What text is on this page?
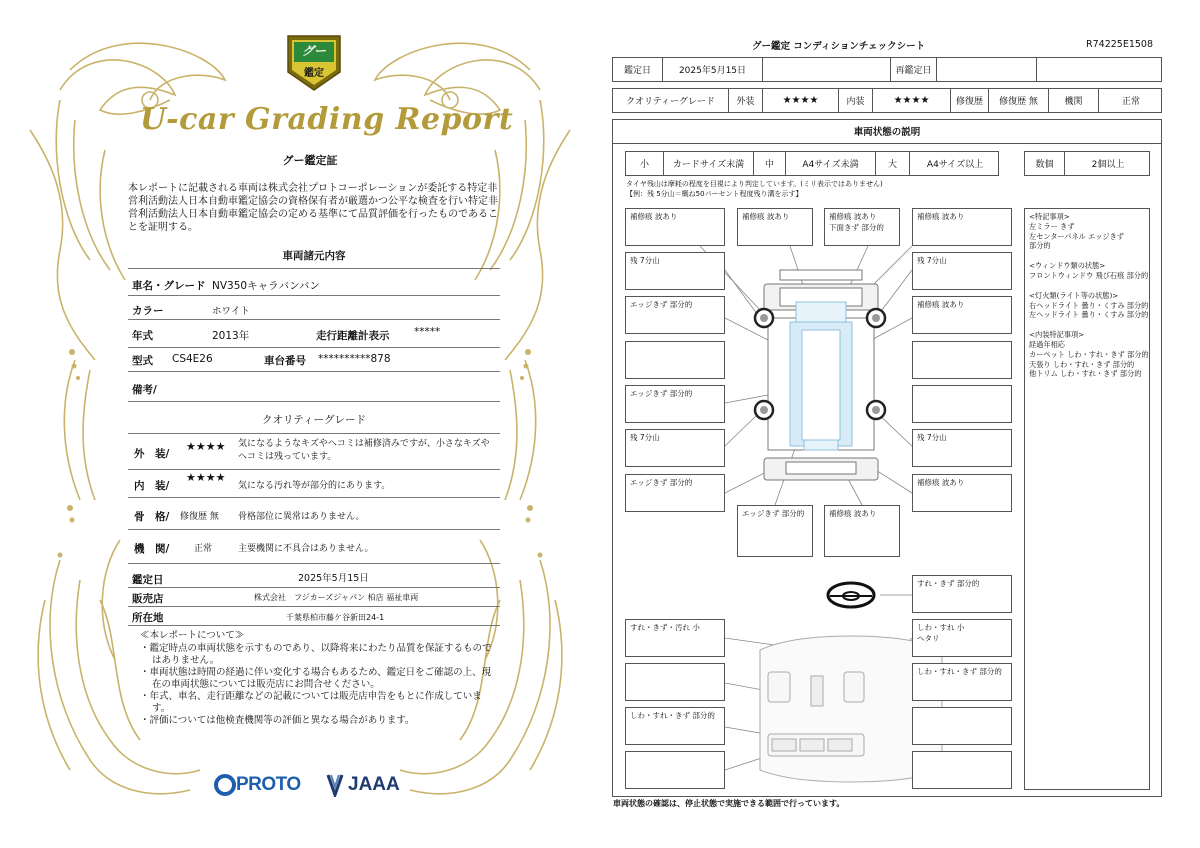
グー
鑑定
U-car Grading Report
グー鑑定証
本レポートに記載される車両は株式会社プロトコーポレーションが委託する特定非営利活動法人日本自動車鑑定協会の資格保有者が厳選かつ公平な検査を行い特定非営利活動法人日本自動車鑑定協会の定める基準にて品質評価を行ったものであることを証明する。
車両諸元内容
車名・グレード NV350キャラバンバン
カラー	ホワイト
年式	2013年	走行距離計表示 *****
型式 CS4E26	車台番号 **********878
備考/
クオリティーグレード
外　装/
★★★★ 気になるようなキズやヘコミは補修済みですが、小さなキズやヘコミは残っています。
内　装/
★★★★
気になる汚れ等が部分的にあります。
骨　格/ 修復歴 無 骨格部位に異常はありません。
機　関/	正常	主要機関に不具合はありません。
鑑定日	2025年5月15日
販売店	株式会社　フジカーズジャパン 柏店 福祉車両
所在地	千葉県柏市藤ケ谷新田24-1
≪本レポートについて≫
・鑑定時点の車両状態を示すものであり、以降将来にわたり品質を保証するものではありません。
・車両状態は時間の経過に伴い変化する場合もあるため、鑑定日をご確認の上、現在の車両状態については販売店にお問合せください。
・年式、車名、走行距離などの記載については販売店申告をもとに作成しています。
・評価については他検査機関等の評価と異なる場合があります。
PROTO JAAA
グー鑑定 コンディションチェックシート	R74225E1508
鑑定日	2025年5月15日	再鑑定日
クオリティーグレード 外装	★★★★	内装	★★★★	修復歴 修復歴 無	機関	正常
車両状態の説明
小	カードサイズ未満 中	A4サイズ未満	大	A4サイズ以上	数個	2個以上
タイヤ残山は摩耗の程度を目視により判定しています。(ミリ表示ではありません)
【例：残 5分山＝概ね50パーセント程度残り溝を示す】
補修痕 波あり	補修痕 波あり	補修痕 波あり
下面きず 部分的
補修痕 波あり
残 7分山
エッジきず 部分的
エッジきず 部分的
残 7分山
エッジきず 部分的
残 7分山
補修痕 波あり
残 7分山
補修痕 波あり
エッジきず 部分的	補修痕 波あり
すれ・きず 部分的
すれ・きず・汚れ 小
しわ・すれ・きず 部分的
しわ・すれ 小
ヘタリ
しわ・すれ・きず 部分的
<特記事項>
左ミラー きず
左センターパネル エッジきず
部分的
<ウィンドウ類の状態>
フロントウィンドウ 飛び石痕 部分的
<灯火類(ライト等の状態)>
右ヘッドライト 曇り・くすみ 部分的
左ヘッドライト 曇り・くすみ 部分的
<内装特記事項>
経過年相応
カーペット しわ・すれ・きず 部分的
天張り しわ・すれ・きず 部分的
他トリム しわ・すれ・きず 部分的
車両状態の確認は、停止状態で実施できる範囲で行っています。
